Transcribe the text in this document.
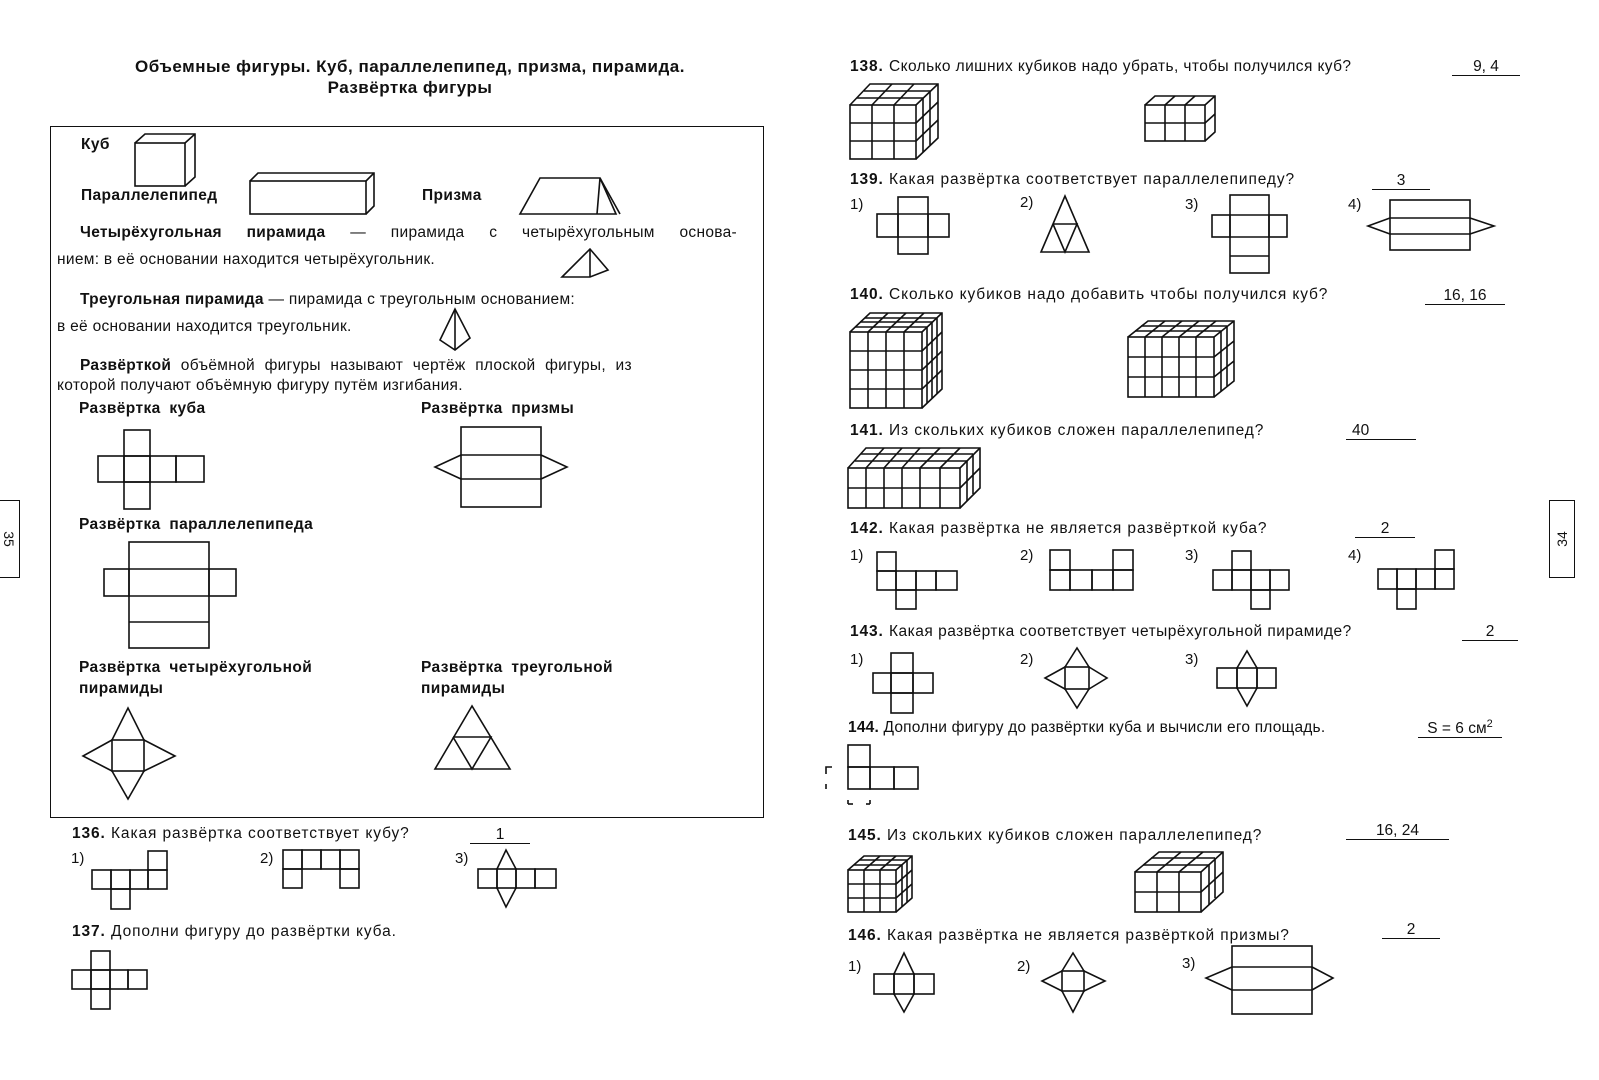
Объемные фигуры. Куб, параллелепипед, призма, пирамида.
Развёртка фигуры
Куб
Параллелепипед	Призма
Четырёхугольная пирамида — пирамида с четырёхугольным основа-
нием: в её основании находится четырёхугольник.
Треугольная пирамида — пирамида с треугольным основанием:
в её основании находится треугольник.
Развёрткой объёмной фигуры называют чертёж плоской фигуры, из
которой получают объёмную фигуру путём изгибания.
Развёртка куба	Развёртка призмы
Развёртка параллелепипеда
Развёртка четырёхугольной
пирамиды
Развёртка треугольной
пирамиды
136. Какая развёртка соответствует кубу?	1
1)	2)	3)
137. Дополни фигуру до развёртки куба.
35
138. Сколько лишних кубиков надо убрать, чтобы получился куб?	9, 4
139. Какая развёртка соответствует параллелепипеду?	3
1)	2)	3)	4)
140. Сколько кубиков надо добавить чтобы получился куб?	16, 16
141. Из скольких кубиков сложен параллелепипед?	40
142. Какая развёртка не является развёрткой куба?	2
1)	2)	3)	4)
143. Какая развёртка соответствует четырёхугольной пирамиде?	2
1)	2)	3)
144. Дополни фигуру до развёртки куба и вычисли его площадь.	S = 6 $см^2$
145. Из скольких кубиков сложен параллелепипед?	16, 24
146. Какая развёртка не является развёрткой призмы?	2
1)	2)	3)
34
